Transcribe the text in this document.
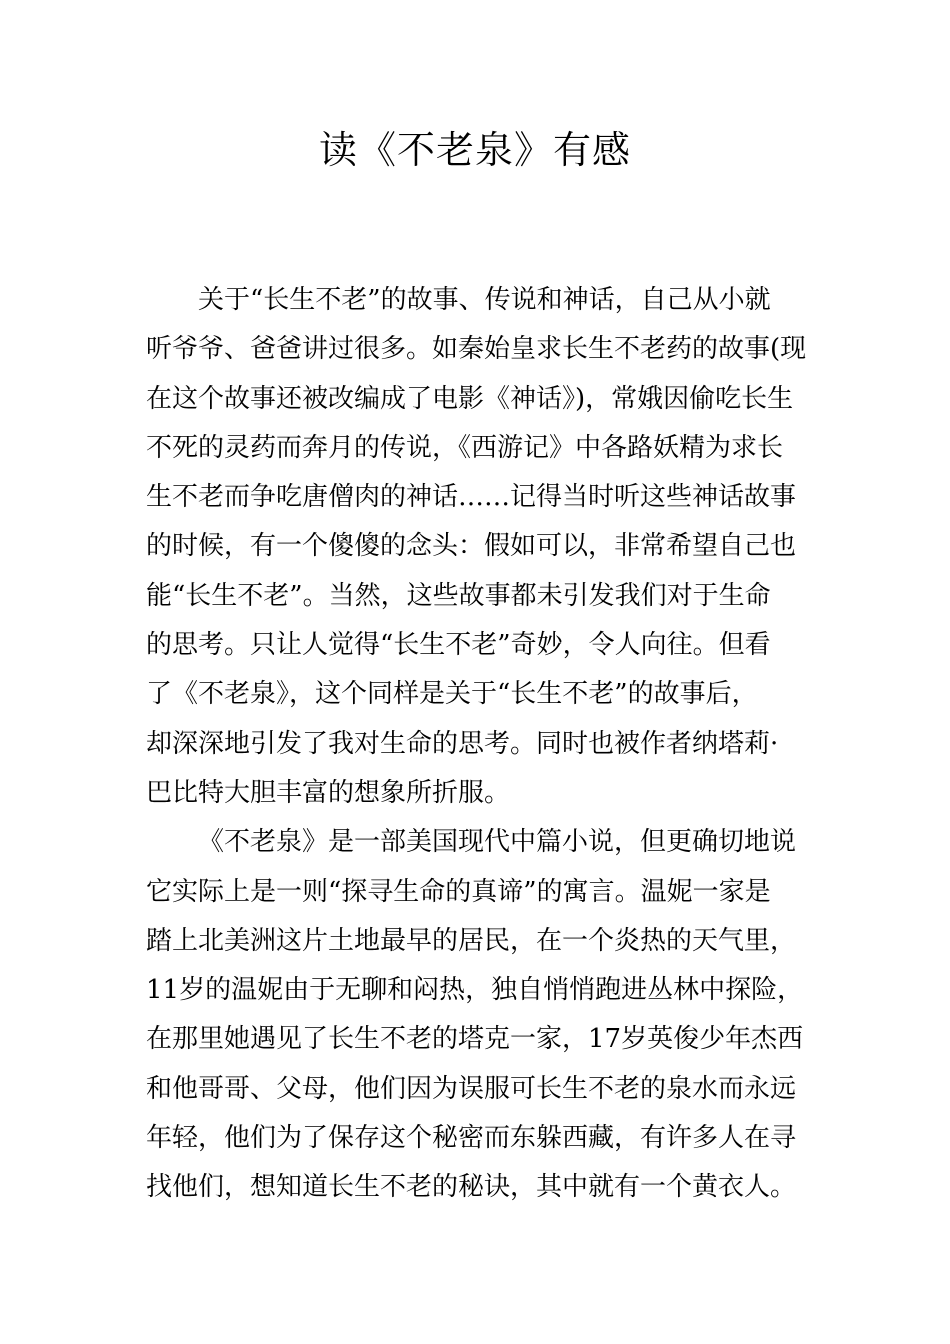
读《不老泉》有感
关于“长生不老”的故事、传说和神话，自己从小就
听爷爷、爸爸讲过很多。如秦始皇求长生不老药的故事(现
在这个故事还被改编成了电影《神话》)，常娥因偷吃长生
不死的灵药而奔月的传说，《西游记》中各路妖精为求长
生不老而争吃唐僧肉的神话……记得当时听这些神话故事
的时候，有一个傻傻的念头：假如可以，非常希望自己也
能“长生不老”。当然，这些故事都未引发我们对于生命
的思考。只让人觉得“长生不老”奇妙，令人向往。但看
了《不老泉》，这个同样是关于“长生不老”的故事后，
却深深地引发了我对生命的思考。同时也被作者纳塔莉·
巴比特大胆丰富的想象所折服。
《不老泉》是一部美国现代中篇小说，但更确切地说
它实际上是一则“探寻生命的真谛”的寓言。温妮一家是
踏上北美洲这片土地最早的居民，在一个炎热的天气里，
11岁的温妮由于无聊和闷热，独自悄悄跑进丛林中探险，
在那里她遇见了长生不老的塔克一家，17岁英俊少年杰西
和他哥哥、父母，他们因为误服可长生不老的泉水而永远
年轻，他们为了保存这个秘密而东躲西藏，有许多人在寻
找他们，想知道长生不老的秘诀，其中就有一个黄衣人。
